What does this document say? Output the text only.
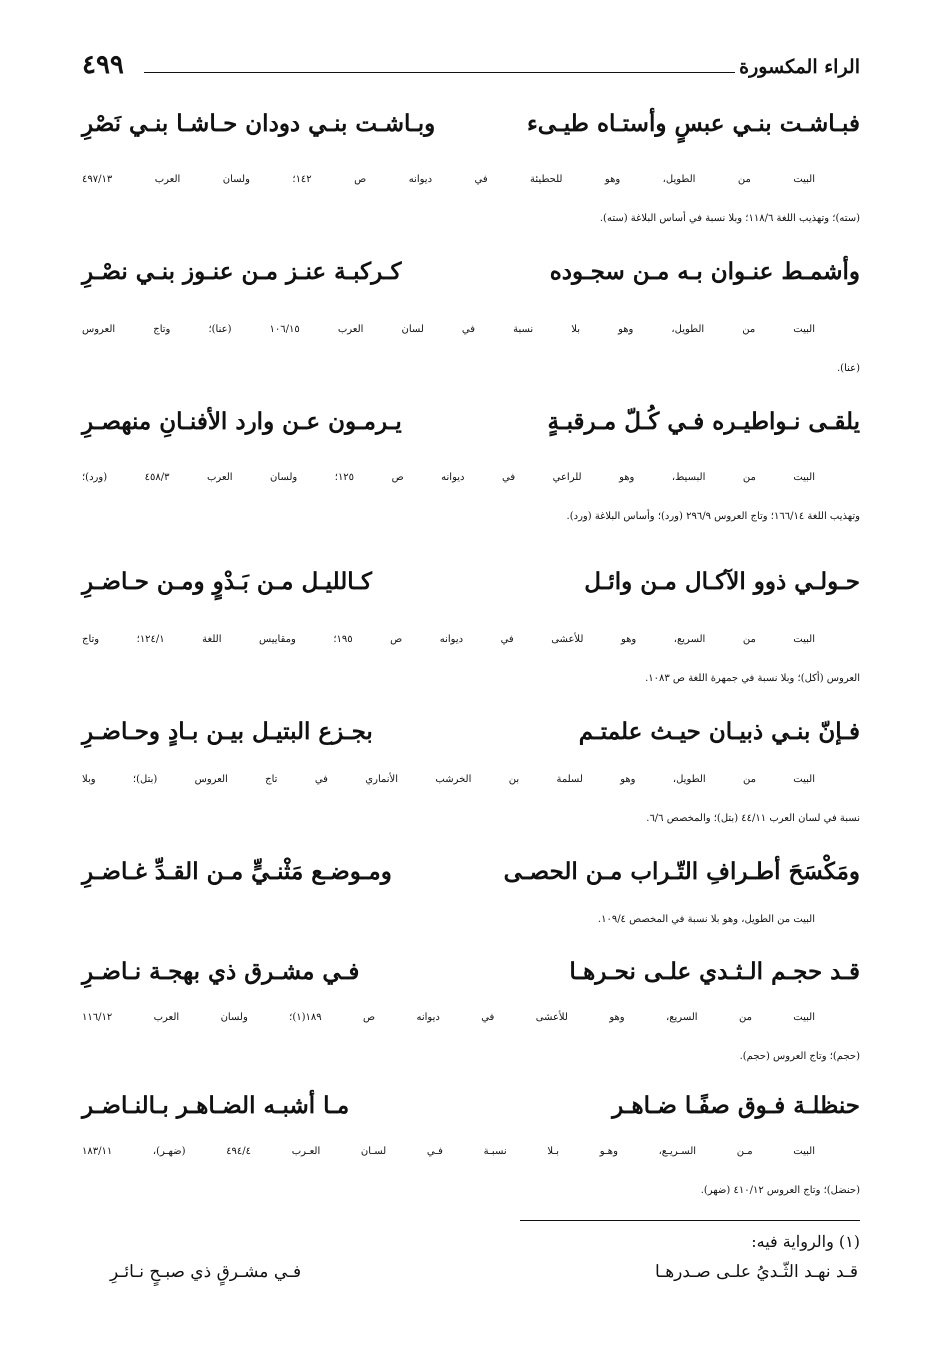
الراء المكسورة
٤٩٩
فبـاشـت بنـي عبسٍ وأستـاه طيـىء
وبـاشـت بنـي دودان حـاشـا بنـي نَصْرِ
البيت من الطويل، وهو للحطيئة في ديوانه ص ١٤٢؛ ولسان العرب ٤٩٧/١٣
(سته)؛ وتهذيب اللغة ١١٨/٦؛ وبلا نسبة في أساس البلاغة (سته).
وأشمـط عنـوان بـه مـن سجـوده
كـركبـة عنـز مـن عنـوز بنـي نصْـرِ
البيت من الطويل، وهو بلا نسبة في لسان العرب ١٠٦/١٥ (عنا)؛ وتاج العروس
(عنا).
يلقـى نـواطيـره فـي كُـلّ مـرقبـةٍ
يـرمـون عـن وارد الأفنـانِ منهصـرِ
البيت من البسيط، وهو للراعي في ديوانه ص ١٢٥؛ ولسان العرب ٤٥٨/٣ (ورد)؛
وتهذيب اللغة ١٦٦/١٤؛ وتاج العروس ٢٩٦/٩ (ورد)؛ وأساس البلاغة (ورد).
حـولـي ذوو الآكـال مـن وائـل
كـالليـل مـن بَـدْوٍ ومـن حـاضـرِ
البيت من السريع، وهو للأعشى في ديوانه ص ١٩٥؛ ومقاييس اللغة ١٢٤/١؛ وتاج
العروس (أكل)؛ وبلا نسبة في جمهرة اللغة ص ١٠٨٣.
فـإنّ بنـي ذبيـان حيـث علمتـم
بجـزع البتيـل بيـن بـادٍ وحـاضـرِ
البيت من الطويل، وهو لسلمة بن الخرشب الأنماري في تاج العروس (بتل)؛ وبلا
نسبة في لسان العرب ٤٤/١١ (بتل)؛ والمخصص ٦/٦.
ومَكْسَحَ أطـرافِ التّـراب مـن الحصـى
ومـوضـع مَثْنـيٍّ مـن القـدِّ غـاضـرِ
البيت من الطويل، وهو بلا نسبة في المخصص ١٠٩/٤.
قـد حجـم الـثـدي علـى نحـرهـا
فـي مشـرق ذي بهجـة نـاضـرِ
البيت من السريع، وهو للأعشى في ديوانه ص ١٨٩(١)؛ ولسان العرب ١١٦/١٢
(حجم)؛ وتاج العروس (حجم).
حنظلـة فـوق صفًـا ضـاهـر
مـا أشبـه الضـاهـر بـالنـاضـر
البيت مـن السـريـع، وهـو بـلا نسبـة فـي لسـان العـرب ٤٩٤/٤ (ضهـر)، ١٨٣/١١
(حنضل)؛ وتاج العروس ٤١٠/١٢ (ضهر).
(١) والرواية فيه:
قـد نهـد الثّـديُ علـى صـدرهـا
فـي مشـرقٍ ذي صبـحٍ نـائـرِ
